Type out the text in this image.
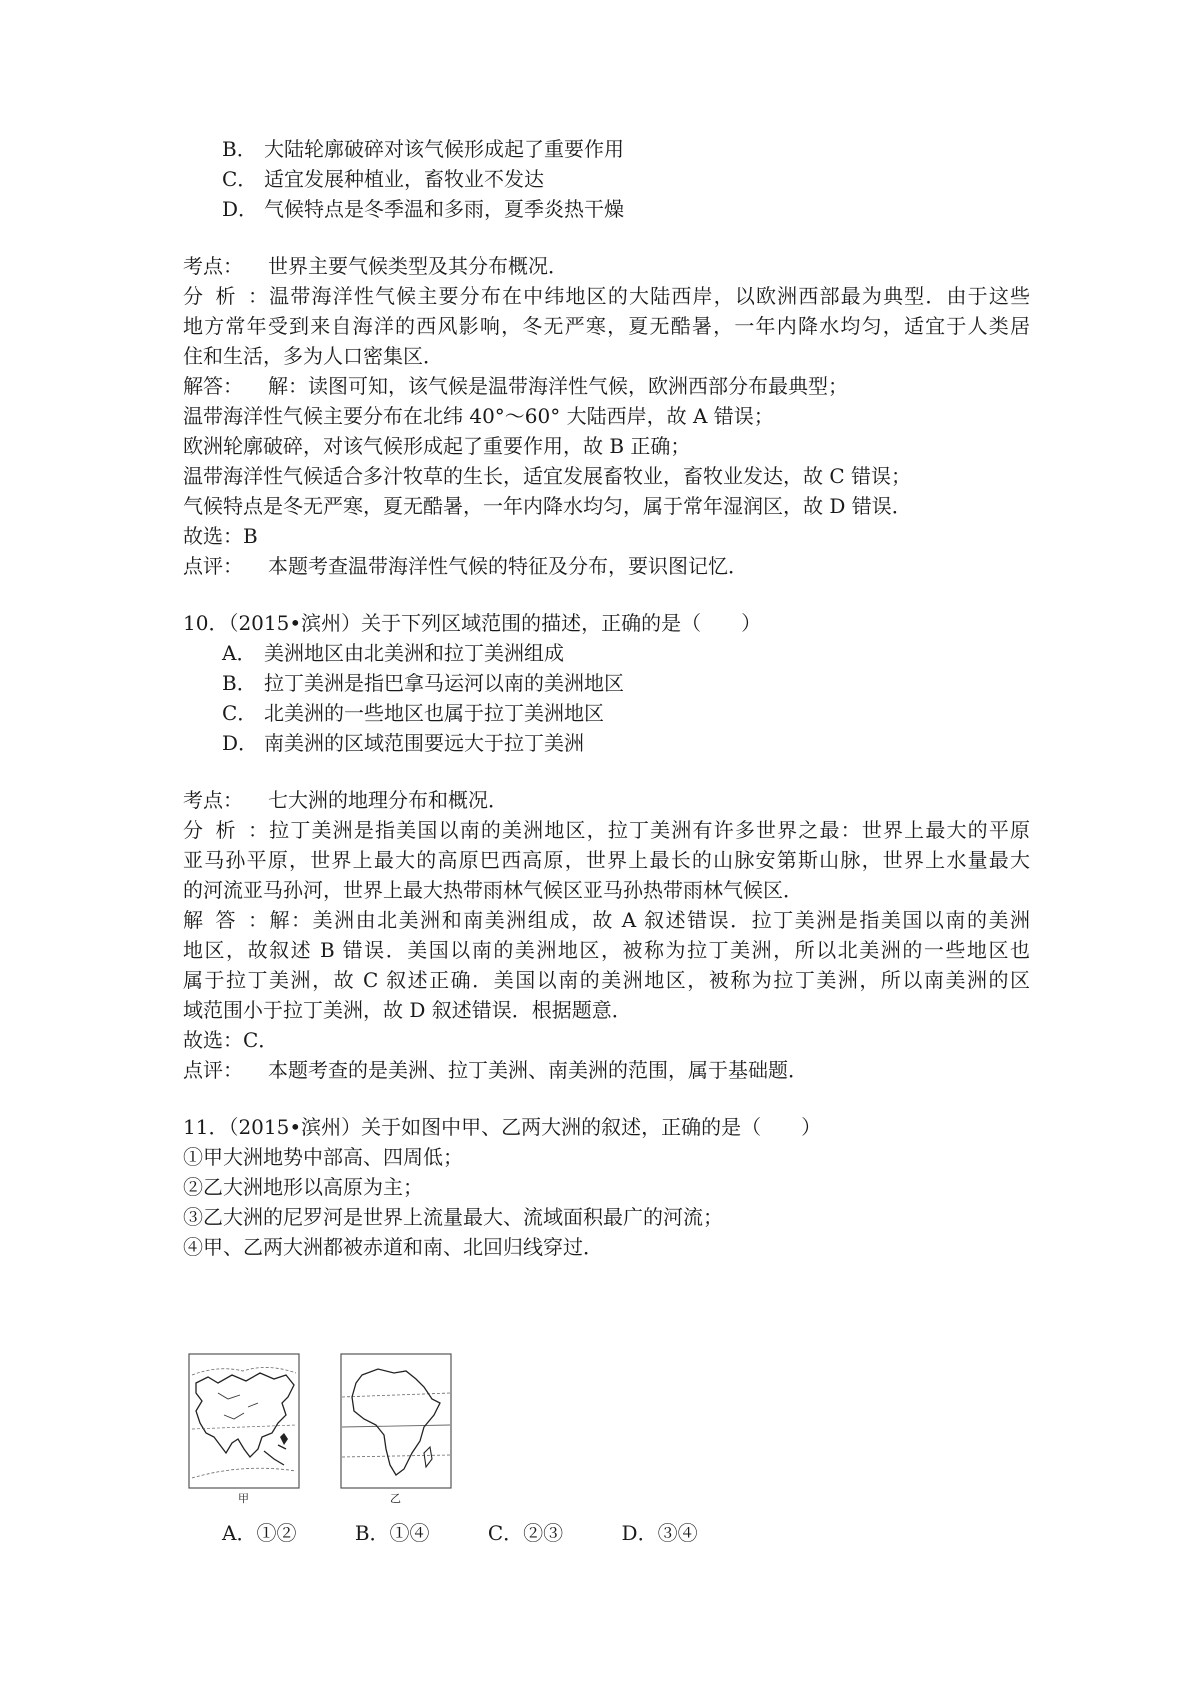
B． 大陆轮廓破碎对该气候形成起了重要作用
C． 适宜发展种植业，畜牧业不发达
D． 气候特点是冬季温和多雨，夏季炎热干燥
考点： 世界主要气候类型及其分布概况．
分析：温带海洋性气候主要分布在中纬地区的大陆西岸，以欧洲西部最为典型．由于这些
地方常年受到来自海洋的西风影响，冬无严寒，夏无酷暑，一年内降水均匀，适宜于人类居
住和生活，多为人口密集区．
解答： 解：读图可知，该气候是温带海洋性气候，欧洲西部分布最典型；
温带海洋性气候主要分布在北纬 40°～60° 大陆西岸，故 A 错误；
欧洲轮廓破碎，对该气候形成起了重要作用，故 B 正确；
温带海洋性气候适合多汁牧草的生长，适宜发展畜牧业，畜牧业发达，故 C 错误；
气候特点是冬无严寒，夏无酷暑，一年内降水均匀，属于常年湿润区，故 D 错误．
故选：B
点评： 本题考查温带海洋性气候的特征及分布，要识图记忆．
10．（2015•滨州）关于下列区域范围的描述，正确的是（　　）
A． 美洲地区由北美洲和拉丁美洲组成
B． 拉丁美洲是指巴拿马运河以南的美洲地区
C． 北美洲的一些地区也属于拉丁美洲地区
D． 南美洲的区域范围要远大于拉丁美洲
考点： 七大洲的地理分布和概况．
分析：拉丁美洲是指美国以南的美洲地区，拉丁美洲有许多世界之最：世界上最大的平原
亚马孙平原，世界上最大的高原巴西高原，世界上最长的山脉安第斯山脉，世界上水量最大
的河流亚马孙河，世界上最大热带雨林气候区亚马孙热带雨林气候区．
解答：解：美洲由北美洲和南美洲组成，故 A 叙述错误．拉丁美洲是指美国以南的美洲
地区，故叙述 B 错误．美国以南的美洲地区，被称为拉丁美洲，所以北美洲的一些地区也
属于拉丁美洲，故 C 叙述正确．美国以南的美洲地区，被称为拉丁美洲，所以南美洲的区
域范围小于拉丁美洲，故 D 叙述错误．根据题意．
故选：C．
点评： 本题考查的是美洲、拉丁美洲、南美洲的范围，属于基础题．
11．（2015•滨州）关于如图中甲、乙两大洲的叙述，正确的是（　　）
①甲大洲地势中部高、四周低；
②乙大洲地形以高原为主；
③乙大洲的尼罗河是世界上流量最大、流域面积最广的河流；
④甲、乙两大洲都被赤道和南、北回归线穿过．
甲	乙
A．①②	B．①④	C．②③	D．③④
